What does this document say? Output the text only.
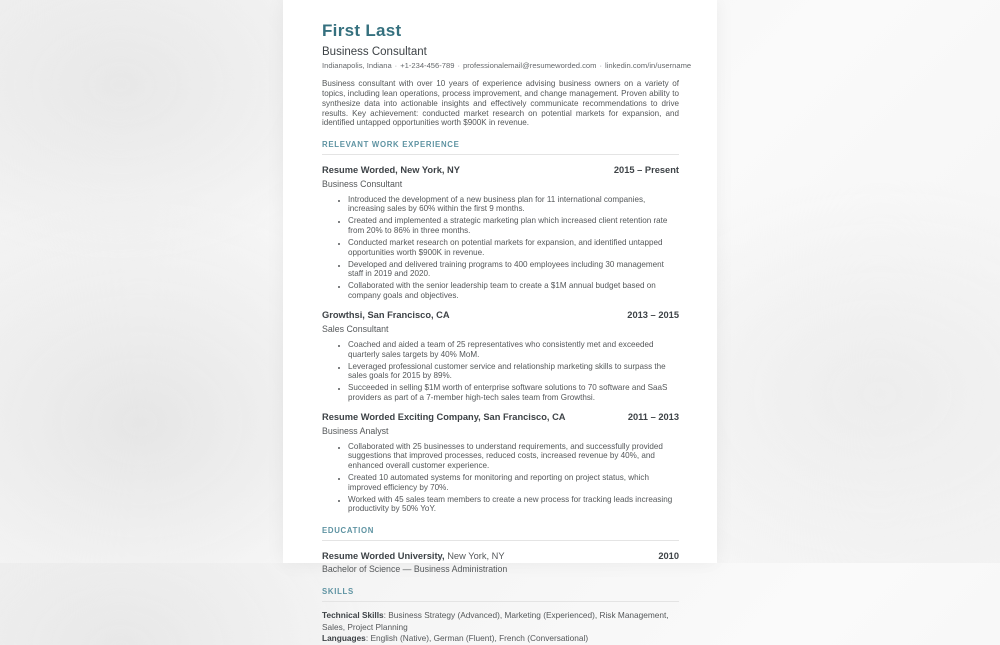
First Last
Business Consultant
Indianapolis, Indiana · +1-234-456-789 · professionalemail@resumeworded.com · linkedin.com/in/username

Business consultant with over 10 years of experience advising business owners on a variety of topics, including lean operations, process improvement, and change management. Proven ability to synthesize data into actionable insights and effectively communicate recommendations to drive results. Key achievement: conducted market research on potential markets for expansion, and identified untapped opportunities worth $900K in revenue.

RELEVANT WORK EXPERIENCE
Resume Worded, New York, NY	2015 – Present
Business Consultant
• Introduced the development of a new business plan for 11 international companies, increasing sales by 60% within the first 9 months.
• Created and implemented a strategic marketing plan which increased client retention rate from 20% to 86% in three months.
• Conducted market research on potential markets for expansion, and identified untapped opportunities worth $900K in revenue.
• Developed and delivered training programs to 400 employees including 30 management staff in 2019 and 2020.
• Collaborated with the senior leadership team to create a $1M annual budget based on company goals and objectives.
Growthsi, San Francisco, CA	2013 – 2015
Sales Consultant
• Coached and aided a team of 25 representatives who consistently met and exceeded quarterly sales targets by 40% MoM.
• Leveraged professional customer service and relationship marketing skills to surpass the sales goals for 2015 by 89%.
• Succeeded in selling $1M worth of enterprise software solutions to 70 software and SaaS providers as part of a 7-member high-tech sales team from Growthsi.
Resume Worded Exciting Company, San Francisco, CA	2011 – 2013
Business Analyst
• Collaborated with 25 businesses to understand requirements, and successfully provided suggestions that improved processes, reduced costs, increased revenue by 40%, and enhanced overall customer experience.
• Created 10 automated systems for monitoring and reporting on project status, which improved efficiency by 70%.
• Worked with 45 sales team members to create a new process for tracking leads increasing productivity by 50% YoY.
EDUCATION
Resume Worded University, New York, NY	2010
Bachelor of Science — Business Administration
SKILLS
Technical Skills: Business Strategy (Advanced), Marketing (Experienced), Risk Management, Sales, Project Planning
Languages: English (Native), German (Fluent), French (Conversational)
